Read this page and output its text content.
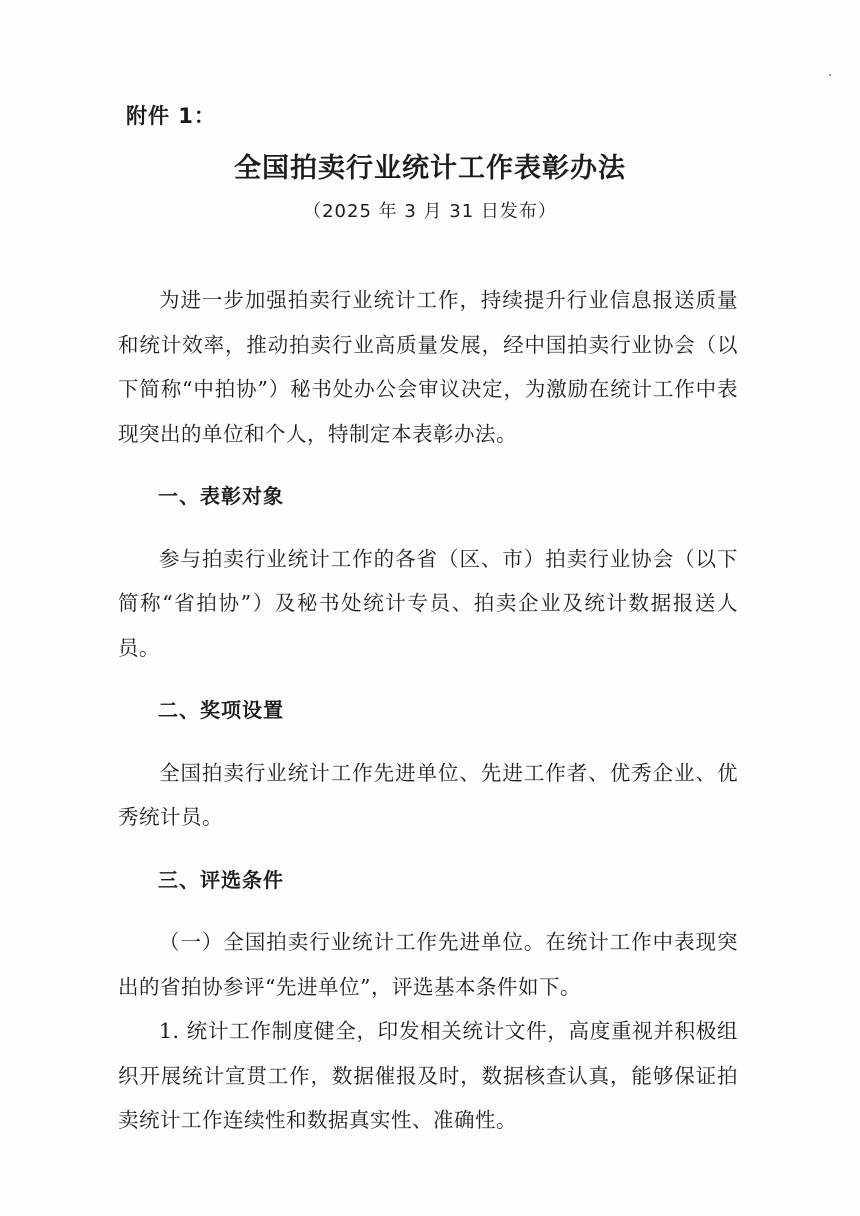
附件 1：
全国拍卖行业统计工作表彰办法
（2025 年 3 月 31 日发布）

为进一步加强拍卖行业统计工作，持续提升行业信息报送质量和统计效率，推动拍卖行业高质量发展，经中国拍卖行业协会（以下简称“中拍协”）秘书处办公会审议决定，为激励在统计工作中表现突出的单位和个人，特制定本表彰办法。

一、表彰对象

参与拍卖行业统计工作的各省（区、市）拍卖行业协会（以下简称“省拍协”）及秘书处统计专员、拍卖企业及统计数据报送人员。

二、奖项设置

全国拍卖行业统计工作先进单位、先进工作者、优秀企业、优秀统计员。

三、评选条件

（一）全国拍卖行业统计工作先进单位。在统计工作中表现突出的省拍协参评“先进单位”，评选基本条件如下。

1. 统计工作制度健全，印发相关统计文件，高度重视并积极组织开展统计宣贯工作，数据催报及时，数据核查认真，能够保证拍卖统计工作连续性和数据真实性、准确性。
